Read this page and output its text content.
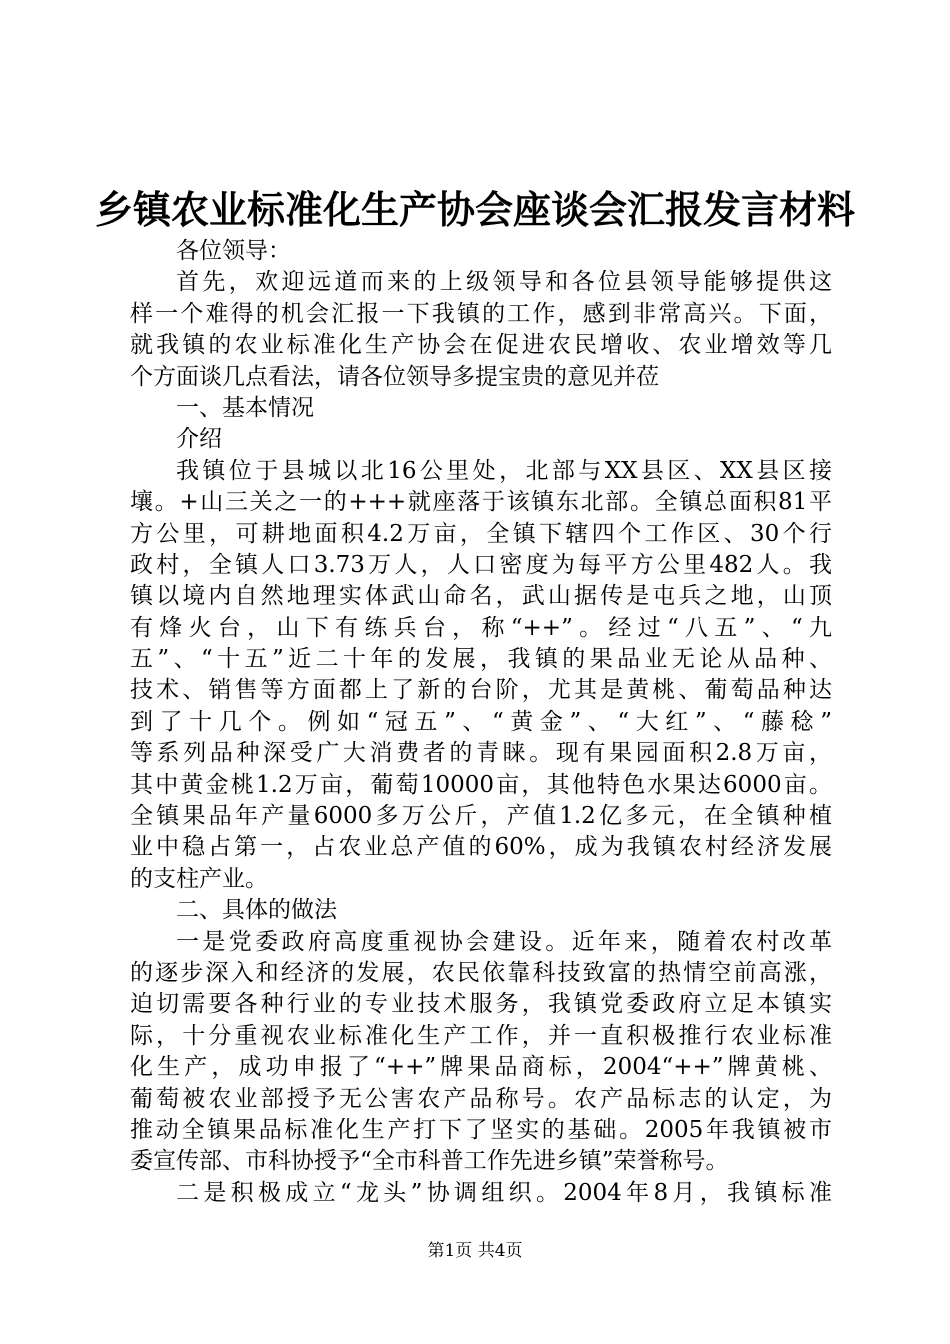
乡镇农业标准化生产协会座谈会汇报发言材料
各位领导：
首先，欢迎远道而来的上级领导和各位县领导能够提供这
样一个难得的机会汇报一下我镇的工作，感到非常高兴。下面，
就我镇的农业标准化生产协会在促进农民增收、农业增效等几
个方面谈几点看法，请各位领导多提宝贵的意见并莅
一、基本情况
介绍
我镇位于县城以北16公里处，北部与XX县区、XX县区接
壤。+山三关之一的+++就座落于该镇东北部。全镇总面积81平
方公里，可耕地面积4.2万亩，全镇下辖四个工作区、30个行
政村，全镇人口3.73万人，人口密度为每平方公里482人。我
镇以境内自然地理实体武山命名，武山据传是屯兵之地，山顶
有烽火台，山下有练兵台，称“++”。经过“八五”、“九
五”、“十五”近二十年的发展，我镇的果品业无论从品种、
技术、销售等方面都上了新的台阶，尤其是黄桃、葡萄品种达
到了十几个。例如“冠五”、“黄金”、“大红”、“藤稔”
等系列品种深受广大消费者的青睐。现有果园面积2.8万亩，
其中黄金桃1.2万亩，葡萄10000亩，其他特色水果达6000亩。
全镇果品年产量6000多万公斤，产值1.2亿多元，在全镇种植
业中稳占第一，占农业总产值的60%，成为我镇农村经济发展
的支柱产业。
二、具体的做法
一是党委政府高度重视协会建设。近年来，随着农村改革
的逐步深入和经济的发展，农民依靠科技致富的热情空前高涨，
迫切需要各种行业的专业技术服务，我镇党委政府立足本镇实
际，十分重视农业标准化生产工作，并一直积极推行农业标准
化生产，成功申报了“++”牌果品商标，2004“++”牌黄桃、
葡萄被农业部授予无公害农产品称号。农产品标志的认定，为
推动全镇果品标准化生产打下了坚实的基础。2005年我镇被市
委宣传部、市科协授予“全市科普工作先进乡镇”荣誉称号。
二是积极成立“龙头”协调组织。2004年8月，我镇标准
第1页 共4页
